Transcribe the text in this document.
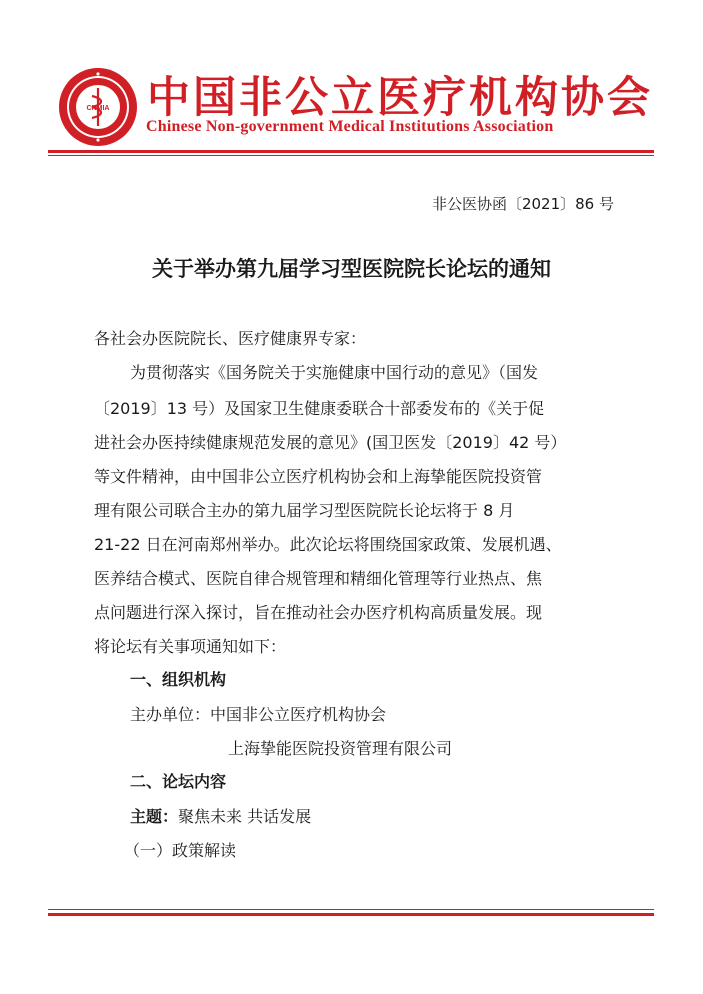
CNMIA 中国非公立医疗机构协会
Chinese Non-government Medical Institutions Association
非公医协函〔2021〕86 号
关于举办第九届学习型医院院长论坛的通知
各社会办医院院长、医疗健康界专家：
为贯彻落实《国务院关于实施健康中国行动的意见》（国发
〔2019〕13 号）及国家卫生健康委联合十部委发布的《关于促
进社会办医持续健康规范发展的意见》(国卫医发〔2019〕42 号）
等文件精神，由中国非公立医疗机构协会和上海挚能医院投资管
理有限公司联合主办的第九届学习型医院院长论坛将于 8 月
21-22 日在河南郑州举办。此次论坛将围绕国家政策、发展机遇、
医养结合模式、医院自律合规管理和精细化管理等行业热点、焦
点问题进行深入探讨，旨在推动社会办医疗机构高质量发展。现
将论坛有关事项通知如下：
一、组织机构
主办单位：中国非公立医疗机构协会
上海挚能医院投资管理有限公司
二、论坛内容
主题：聚焦未来 共话发展
（一）政策解读
